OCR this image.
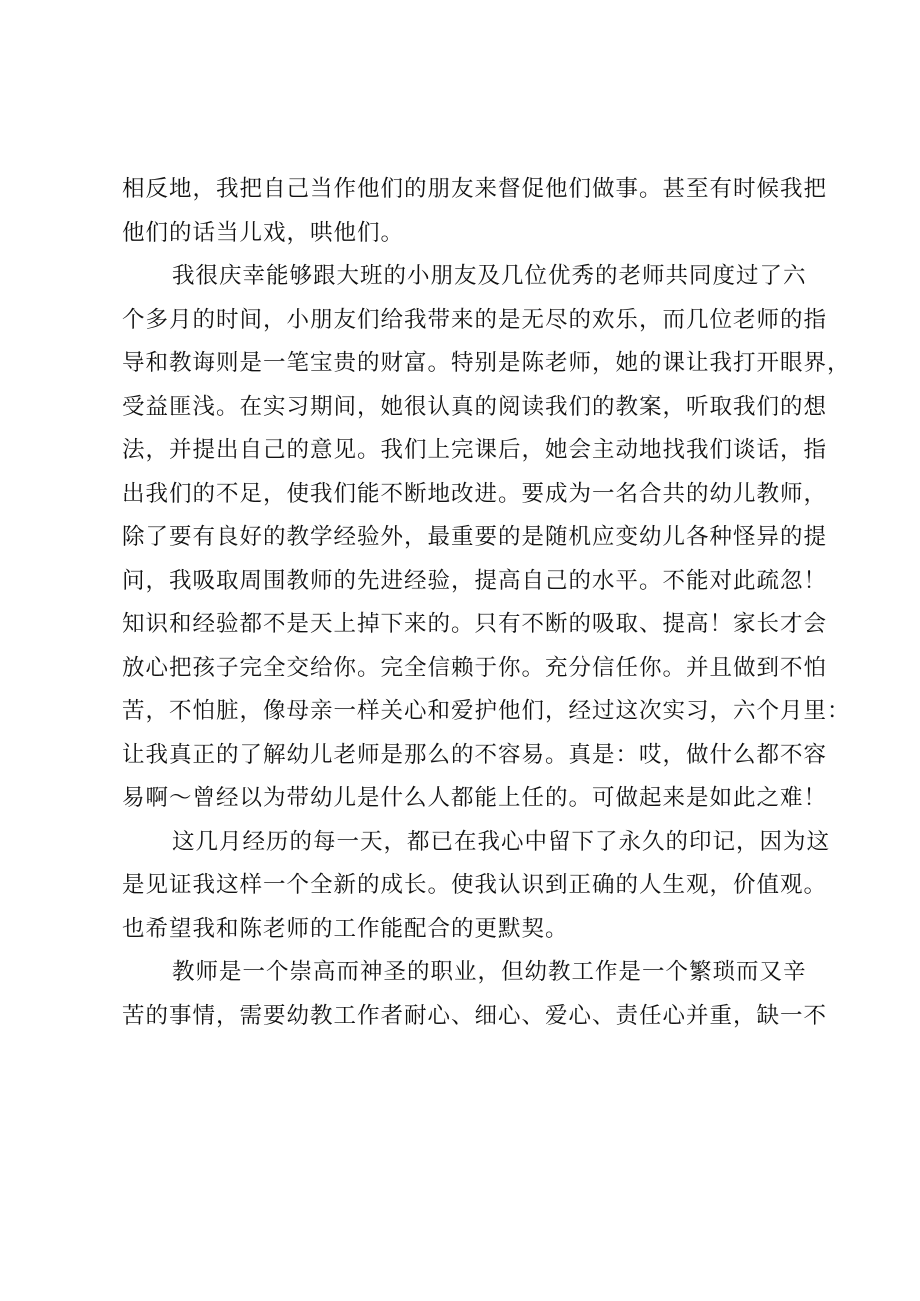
相反地，我把自己当作他们的朋友来督促他们做事。甚至有时候我把
他们的话当儿戏，哄他们。
我很庆幸能够跟大班的小朋友及几位优秀的老师共同度过了六
个多月的时间，小朋友们给我带来的是无尽的欢乐，而几位老师的指
导和教诲则是一笔宝贵的财富。特别是陈老师，她的课让我打开眼界，
受益匪浅。在实习期间，她很认真的阅读我们的教案，听取我们的想
法，并提出自己的意见。我们上完课后，她会主动地找我们谈话，指
出我们的不足，使我们能不断地改进。要成为一名合共的幼儿教师，
除了要有良好的教学经验外，最重要的是随机应变幼儿各种怪异的提
问，我吸取周围教师的先进经验，提高自己的水平。不能对此疏忽！
知识和经验都不是天上掉下来的。只有不断的吸取、提高！家长才会
放心把孩子完全交给你。完全信赖于你。充分信任你。并且做到不怕
苦，不怕脏，像母亲一样关心和爱护他们，经过这次实习，六个月里：
让我真正的了解幼儿老师是那么的不容易。真是：哎，做什么都不容
易啊～曾经以为带幼儿是什么人都能上任的。可做起来是如此之难！
这几月经历的每一天，都已在我心中留下了永久的印记，因为这
是见证我这样一个全新的成长。使我认识到正确的人生观，价值观。
也希望我和陈老师的工作能配合的更默契。
教师是一个崇高而神圣的职业，但幼教工作是一个繁琐而又辛
苦的事情，需要幼教工作者耐心、细心、爱心、责任心并重，缺一不
